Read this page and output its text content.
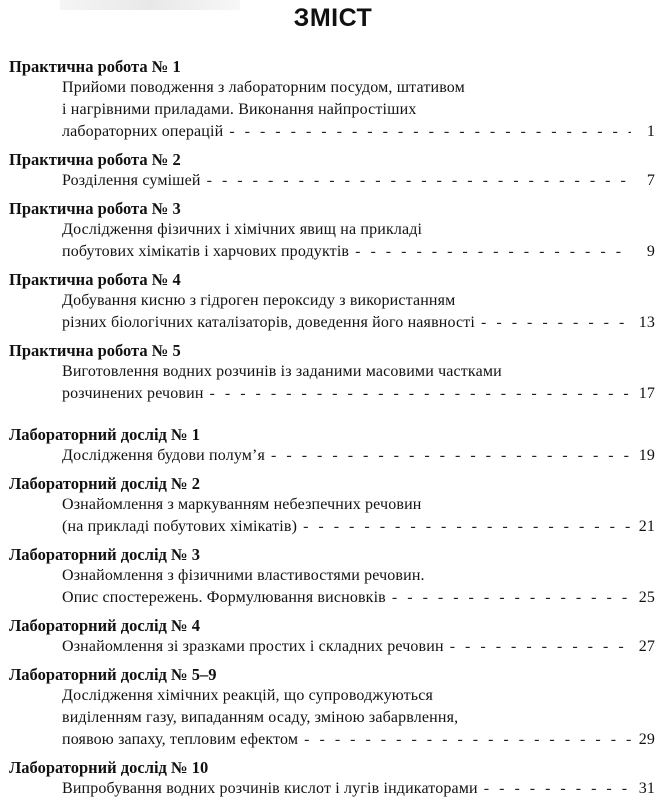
ЗМІСТ
Практична робота № 1
Прийоми поводження з лабораторним посудом, штативом
і нагрівними приладами. Виконання найпростіших
лабораторних операцій - - -	1
Практична робота № 2
Розділення сумішей - - -	7
Практична робота № 3
Дослідження фізичних і хімічних явищ на прикладі
побутових хімікатів і харчових продуктів - - -	9
Практична робота № 4
Добування кисню з гідроген пероксиду з використанням
різних біологічних каталізаторів, доведення його наявності - - -	13
Практична робота № 5
Виготовлення водних розчинів із заданими масовими частками
розчинених речовин - - -	17
Лабораторний дослід № 1
Дослідження будови полум’я - - -	19
Лабораторний дослід № 2
Ознайомлення з маркуванням небезпечних речовин
(на прикладі побутових хімікатів) - - -	21
Лабораторний дослід № 3
Ознайомлення з фізичними властивостями речовин.
Опис спостережень. Формулювання висновків - - -	25
Лабораторний дослід № 4
Ознайомлення зі зразками простих і складних речовин - - -	27
Лабораторний дослід № 5–9
Дослідження хімічних реакцій, що супроводжуються
виділенням газу, випаданням осаду, зміною забарвлення,
появою запаху, тепловим ефектом - - -	29
Лабораторний дослід № 10
Випробування водних розчинів кислот і лугів індикаторами - - -	31
